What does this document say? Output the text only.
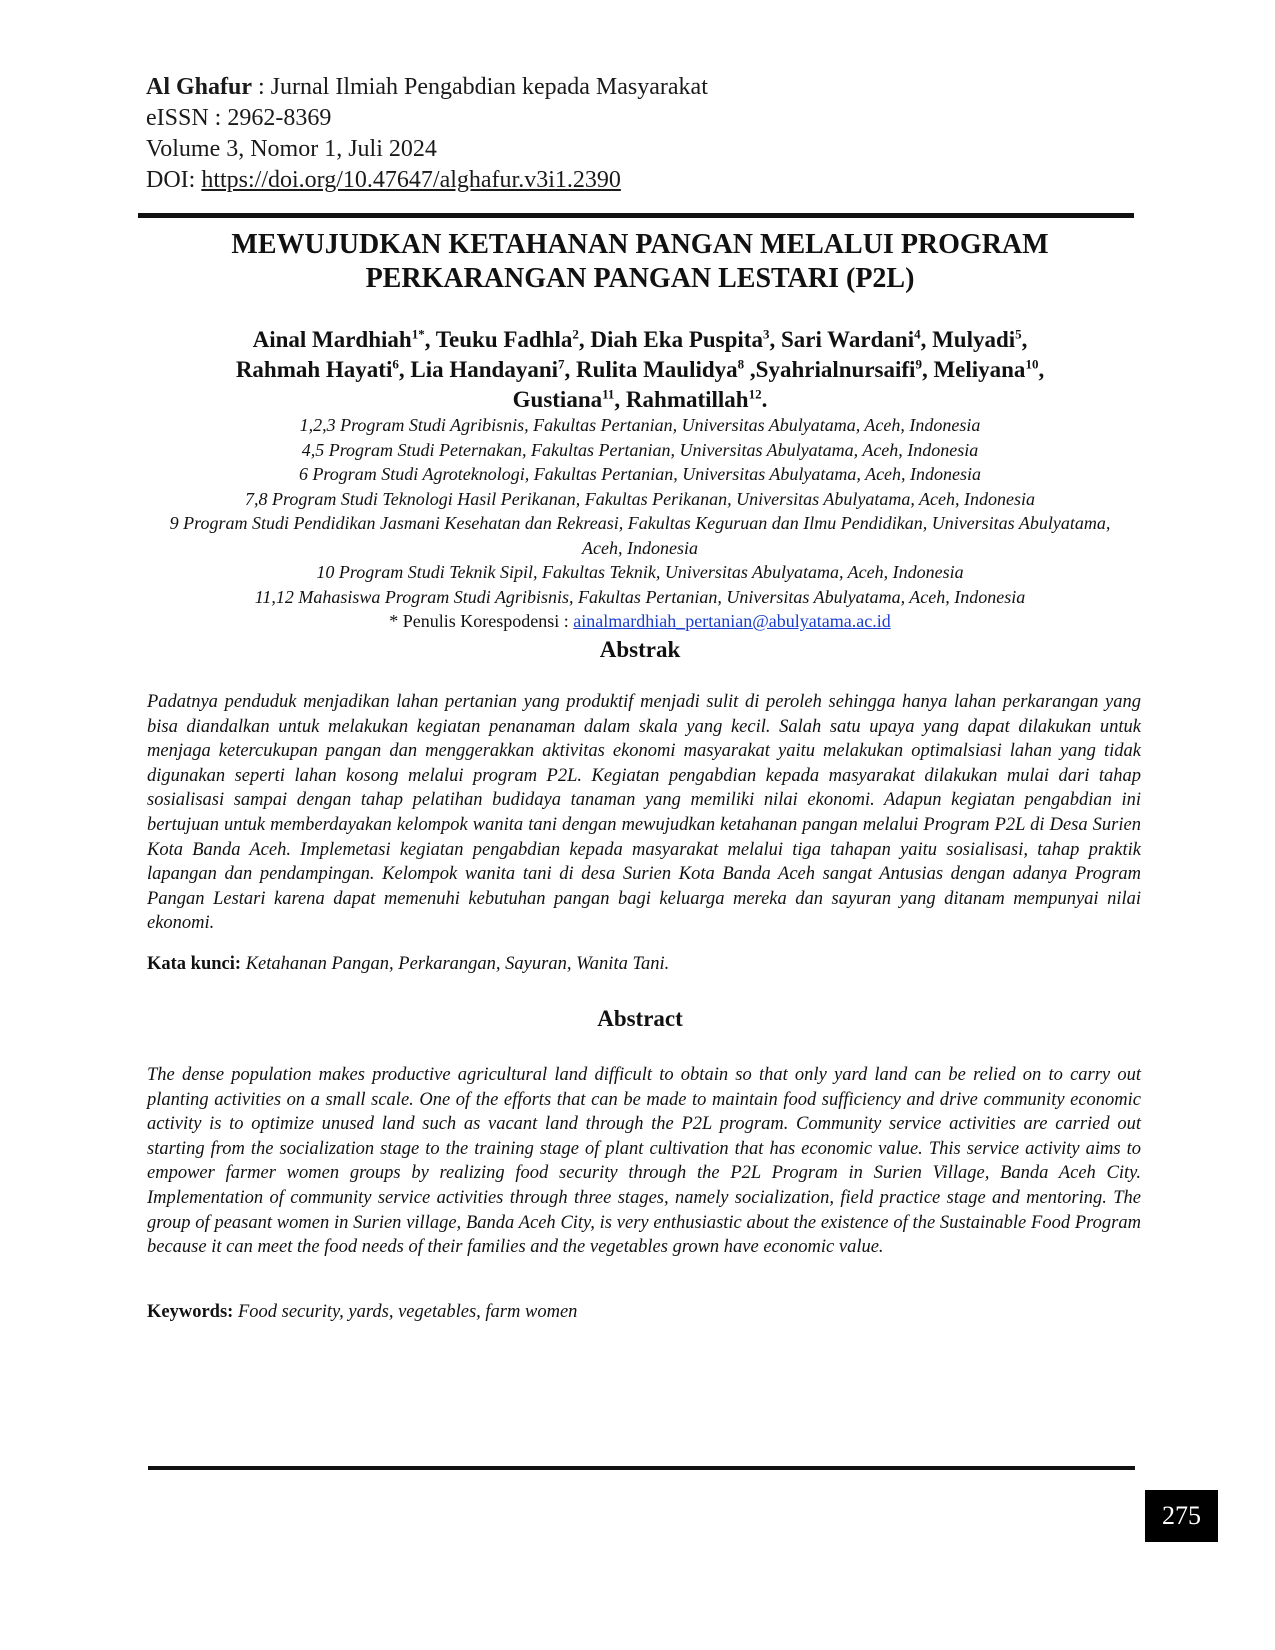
Al Ghafur : Jurnal Ilmiah Pengabdian kepada Masyarakat
eISSN : 2962-8369
Volume 3, Nomor 1, Juli 2024
DOI: https://doi.org/10.47647/alghafur.v3i1.2390
MEWUJUDKAN KETAHANAN PANGAN MELALUI PROGRAM
PERKARANGAN PANGAN LESTARI (P2L)
Ainal Mardhiah$^{1*}$, Teuku Fadhla$^2$, Diah Eka Puspita$^3$, Sari Wardani$^4$, Mulyadi$^5$,
Rahmah Hayati$^6$, Lia Handayani$^7$, Rulita Maulidya$^8$ ,Syahrialnursaifi$^9$, Meliyana$^{10}$,
Gustiana$^{11}$, Rahmatillah$^{12}$.
1,2,3 Program Studi Agribisnis, Fakultas Pertanian, Universitas Abulyatama, Aceh, Indonesia
4,5 Program Studi Peternakan, Fakultas Pertanian, Universitas Abulyatama, Aceh, Indonesia
6 Program Studi Agroteknologi, Fakultas Pertanian, Universitas Abulyatama, Aceh, Indonesia
7,8 Program Studi Teknologi Hasil Perikanan, Fakultas Perikanan, Universitas Abulyatama, Aceh, Indonesia
9 Program Studi Pendidikan Jasmani Kesehatan dan Rekreasi, Fakultas Keguruan dan Ilmu Pendidikan, Universitas Abulyatama, Aceh, Indonesia
10 Program Studi Teknik Sipil, Fakultas Teknik, Universitas Abulyatama, Aceh, Indonesia
11,12 Mahasiswa Program Studi Agribisnis, Fakultas Pertanian, Universitas Abulyatama, Aceh, Indonesia
* Penulis Korespodensi : ainalmardhiah_pertanian@abulyatama.ac.id
Abstrak

Padatnya penduduk menjadikan lahan pertanian yang produktif menjadi sulit di peroleh sehingga hanya lahan perkarangan yang bisa diandalkan untuk melakukan kegiatan penanaman dalam skala yang kecil. Salah satu upaya yang dapat dilakukan untuk menjaga ketercukupan pangan dan menggerakkan aktivitas ekonomi masyarakat yaitu melakukan optimalsiasi lahan yang tidak digunakan seperti lahan kosong melalui program P2L. Kegiatan pengabdian kepada masyarakat dilakukan mulai dari tahap sosialisasi sampai dengan tahap pelatihan budidaya tanaman yang memiliki nilai ekonomi. Adapun kegiatan pengabdian ini bertujuan untuk memberdayakan kelompok wanita tani dengan mewujudkan ketahanan pangan melalui Program P2L di Desa Surien Kota Banda Aceh. Implemetasi kegiatan pengabdian kepada masyarakat melalui tiga tahapan yaitu sosialisasi, tahap praktik lapangan dan pendampingan. Kelompok wanita tani di desa Surien Kota Banda Aceh sangat Antusias dengan adanya Program Pangan Lestari karena dapat memenuhi kebutuhan pangan bagi keluarga mereka dan sayuran yang ditanam mempunyai nilai ekonomi.

Kata kunci: Ketahanan Pangan, Perkarangan, Sayuran, Wanita Tani.
Abstract

The dense population makes productive agricultural land difficult to obtain so that only yard land can be relied on to carry out planting activities on a small scale. One of the efforts that can be made to maintain food sufficiency and drive community economic activity is to optimize unused land such as vacant land through the P2L program. Community service activities are carried out starting from the socialization stage to the training stage of plant cultivation that has economic value. This service activity aims to empower farmer women groups by realizing food security through the P2L Program in Surien Village, Banda Aceh City. Implementation of community service activities through three stages, namely socialization, field practice stage and mentoring. The group of peasant women in Surien village, Banda Aceh City, is very enthusiastic about the existence of the Sustainable Food Program because it can meet the food needs of their families and the vegetables grown have economic value.

Keywords: Food security, yards, vegetables, farm women
275
